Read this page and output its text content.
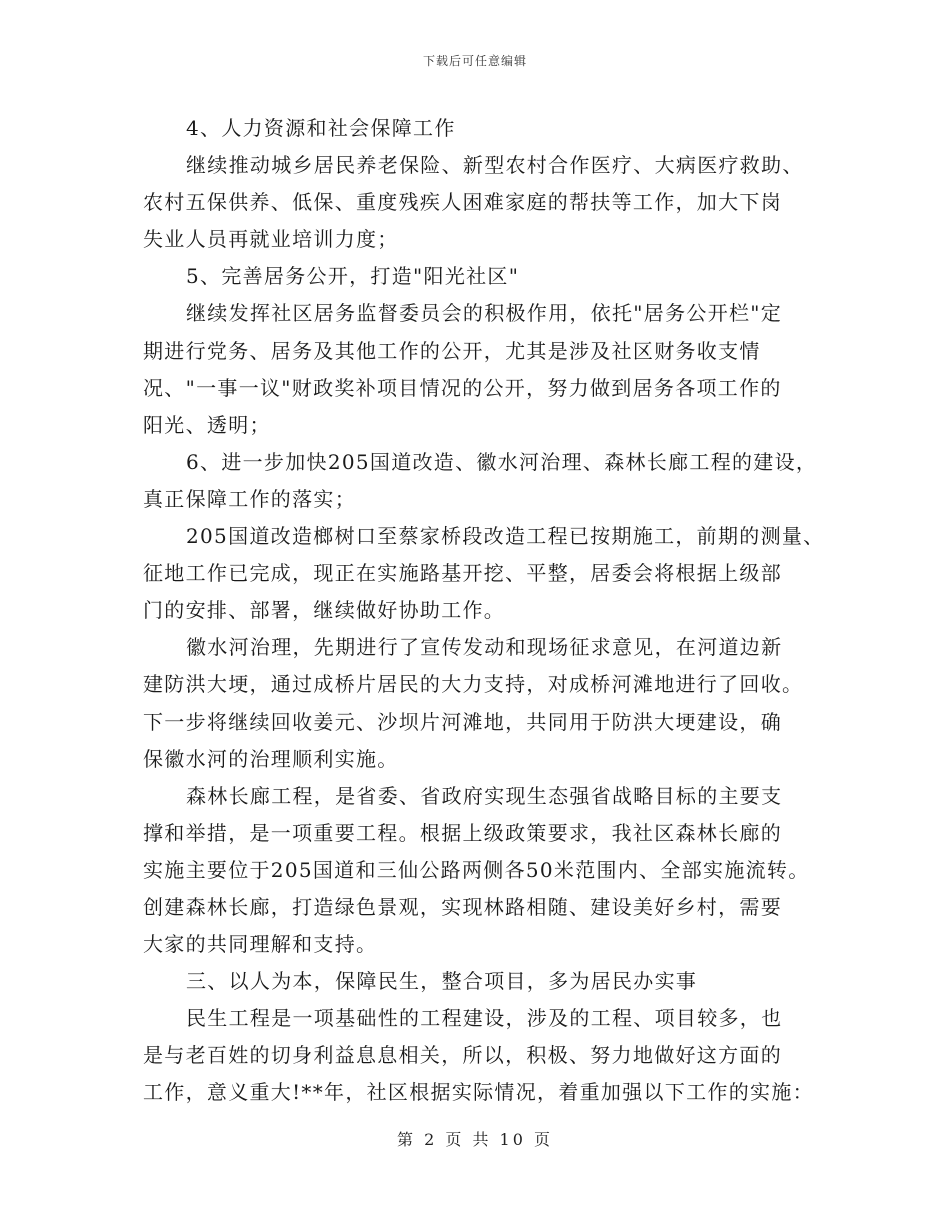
下载后可任意编辑
4、人力资源和社会保障工作
继续推动城乡居民养老保险、新型农村合作医疗、大病医疗救助、
农村五保供养、低保、重度残疾人困难家庭的帮扶等工作，加大下岗
失业人员再就业培训力度；
5、完善居务公开，打造"阳光社区"
继续发挥社区居务监督委员会的积极作用，依托"居务公开栏"定
期进行党务、居务及其他工作的公开，尤其是涉及社区财务收支情
况、"一事一议"财政奖补项目情况的公开，努力做到居务各项工作的
阳光、透明；
6、进一步加快205国道改造、徽水河治理、森林长廊工程的建设，
真正保障工作的落实；
205国道改造榔树口至蔡家桥段改造工程已按期施工，前期的测量、
征地工作已完成，现正在实施路基开挖、平整，居委会将根据上级部
门的安排、部署，继续做好协助工作。
徽水河治理，先期进行了宣传发动和现场征求意见，在河道边新
建防洪大埂，通过成桥片居民的大力支持，对成桥河滩地进行了回收。
下一步将继续回收姜元、沙坝片河滩地，共同用于防洪大埂建设，确
保徽水河的治理顺利实施。
森林长廊工程，是省委、省政府实现生态强省战略目标的主要支
撑和举措，是一项重要工程。根据上级政策要求，我社区森林长廊的
实施主要位于205国道和三仙公路两侧各50米范围内、全部实施流转。
创建森林长廊，打造绿色景观，实现林路相随、建设美好乡村，需要
大家的共同理解和支持。
三、以人为本，保障民生，整合项目，多为居民办实事
民生工程是一项基础性的工程建设，涉及的工程、项目较多，也
是与老百姓的切身利益息息相关，所以，积极、努力地做好这方面的
工作，意义重大!**年，社区根据实际情况，着重加强以下工作的实施：
第 2 页 共 10 页
